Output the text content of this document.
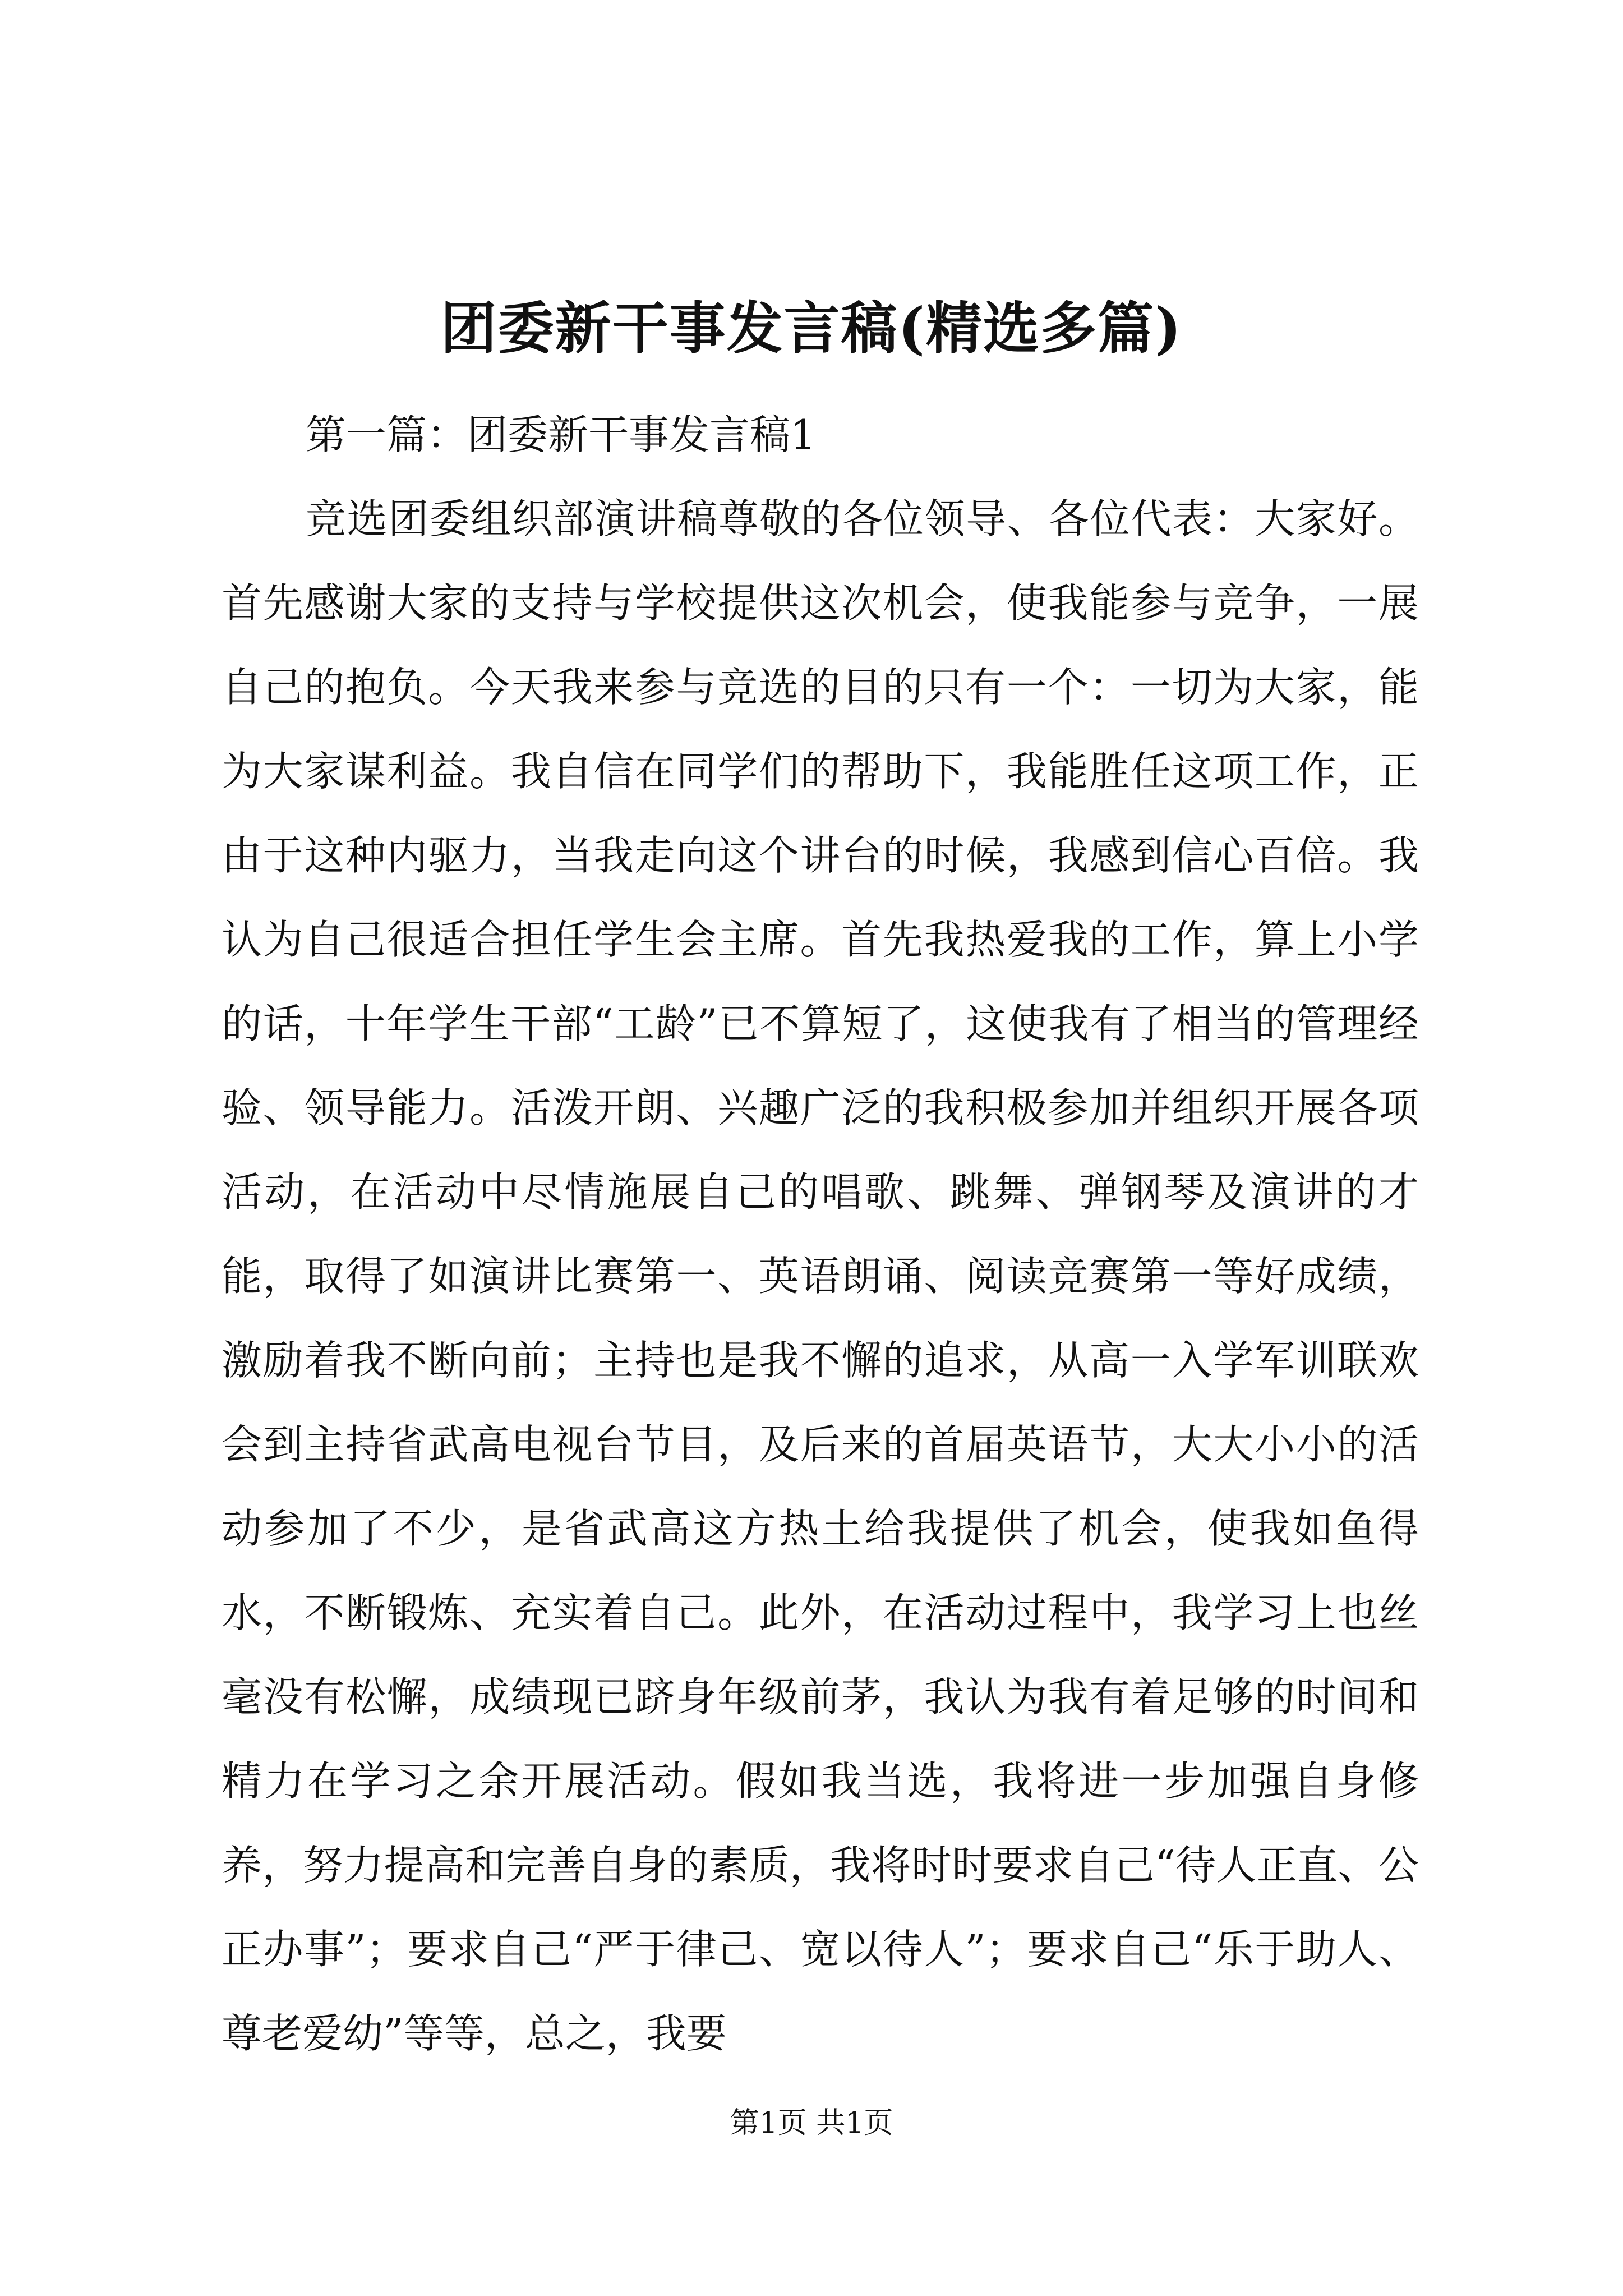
团委新干事发言稿(精选多篇)

第一篇：团委新干事发言稿1

竞选团委组织部演讲稿尊敬的各位领导、各位代表：大家好。首先感谢大家的支持与学校提供这次机会，使我能参与竞争，一展自己的抱负。今天我来参与竞选的目的只有一个：一切为大家，能为大家谋利益。我自信在同学们的帮助下，我能胜任这项工作，正由于这种内驱力，当我走向这个讲台的时候，我感到信心百倍。我认为自己很适合担任学生会主席。首先我热爱我的工作，算上小学的话，十年学生干部“工龄”已不算短了，这使我有了相当的管理经验、领导能力。活泼开朗、兴趣广泛的我积极参加并组织开展各项活动，在活动中尽情施展自己的唱歌、跳舞、弹钢琴及演讲的才能，取得了如演讲比赛第一、英语朗诵、阅读竞赛第一等好成绩，激励着我不断向前；主持也是我不懈的追求，从高一入学军训联欢会到主持省武高电视台节目，及后来的首届英语节，大大小小的活动参加了不少，是省武高这方热土给我提供了机会，使我如鱼得水，不断锻炼、充实着自己。此外，在活动过程中，我学习上也丝毫没有松懈，成绩现已跻身年级前茅，我认为我有着足够的时间和精力在学习之余开展活动。假如我当选，我将进一步加强自身修养，努力提高和完善自身的素质，我将时时要求自己“待人正直、公正办事”；要求自己“严于律己、宽以待人”；要求自己“乐于助人、尊老爱幼”等等，总之，我要

第1页 共1页
